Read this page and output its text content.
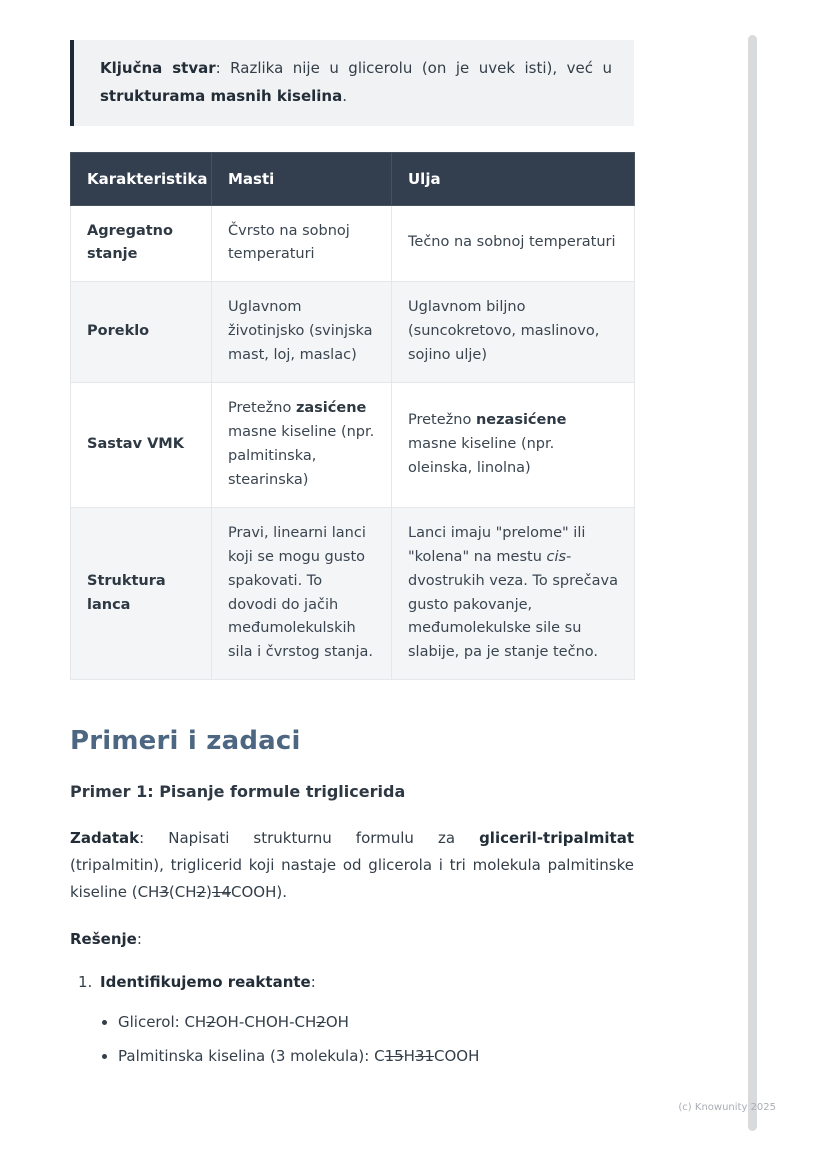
Ključna stvar: Razlika nije u glicerolu (on je uvek isti), već u strukturama masnih kiselina.

Karakteristika	Masti	Ulja
Agregatno stanje	Čvrsto na sobnoj temperaturi	Tečno na sobnoj temperaturi
Poreklo	Uglavnom životinjsko (svinjska mast, loj, maslac)	Uglavnom biljno (suncokretovo, maslinovo, sojino ulje)
Sastav VMK	Pretežno zasićene masne kiseline (npr. palmitinska, stearinska)	Pretežno nezasićene masne kiseline (npr. oleinska, linolna)
Struktura lanca	Pravi, linearni lanci koji se mogu gusto spakovati. To dovodi do jačih međumolekulskih sila i čvrstog stanja.	Lanci imaju "prelome" ili "kolena" na mestu cis-dvostrukih veza. To sprečava gusto pakovanje, međumolekulske sile su slabije, pa je stanje tečno.
Primeri i zadaci

Primer 1: Pisanje formule triglicerida

Zadatak: Napisati strukturnu formulu za gliceril-tripalmitat (tripalmitin), triglicerid koji nastaje od glicerola i tri molekula palmitinske kiseline (CH3(CH2)14COOH).

Rešenje:

1. Identifikujemo reaktante:
• Glicerol: CH2OH-CHOH-CH2OH
• Palmitinska kiselina (3 molekula): C15H31COOH
(c) Knowunity 2025
